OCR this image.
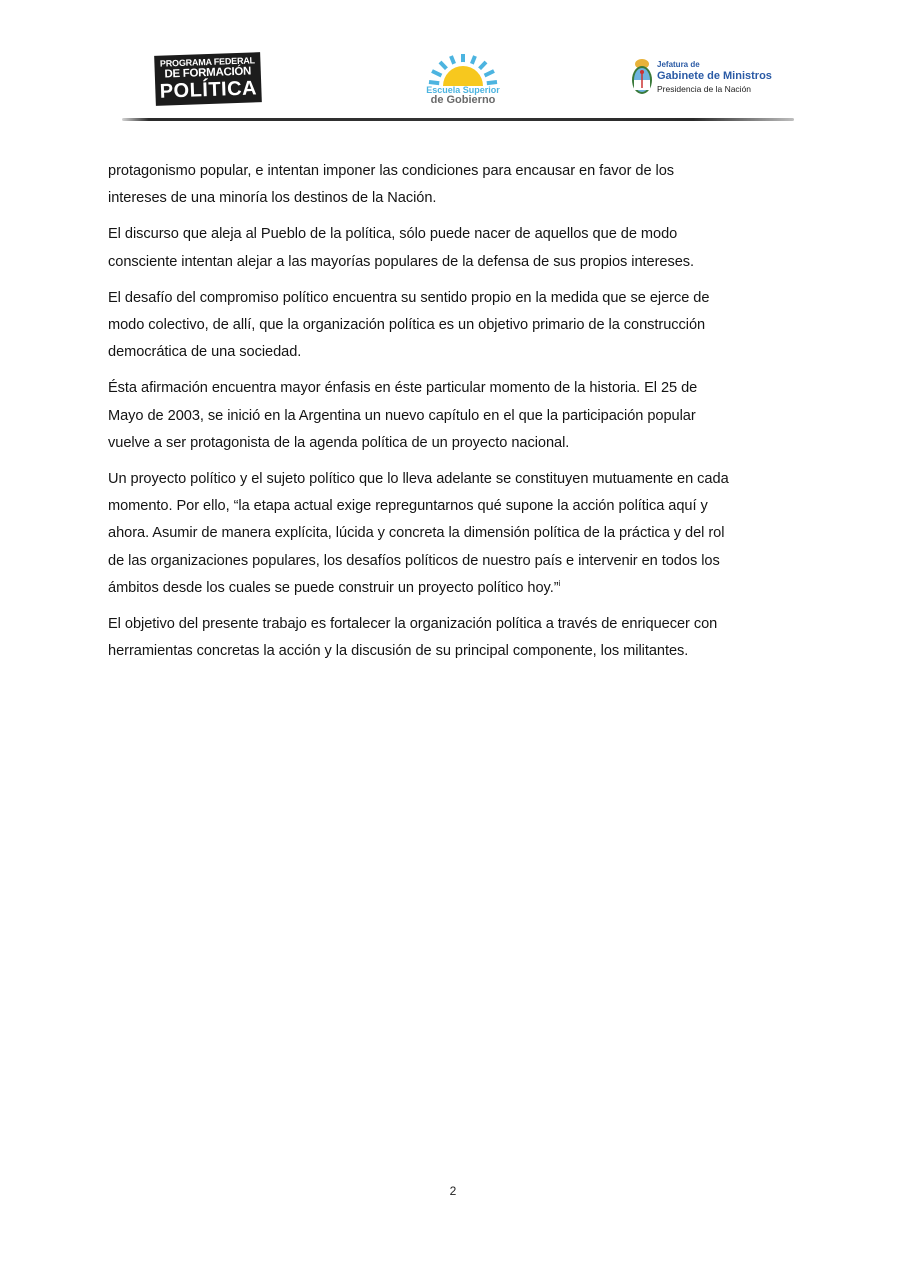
PROGRAMA FEDERAL
DE FORMACIÓN
POLÍTICA	Escuela Superior
de Gobierno
Jefatura de
Gabinete de Ministros
Presidencia de la Nación

protagonismo popular, e intentan imponer las condiciones para encausar en favor de los
intereses de una minoría los destinos de la Nación.

El discurso que aleja al Pueblo de la política, sólo puede nacer de aquellos que de modo
consciente intentan alejar a las mayorías populares de la defensa de sus propios intereses.

El desafío del compromiso político encuentra su sentido propio en la medida que se ejerce de
modo colectivo, de allí, que la organización política es un objetivo primario de la construcción
democrática de una sociedad.

Ésta afirmación encuentra mayor énfasis en éste particular momento de la historia. El 25 de
Mayo de 2003, se inició en la Argentina un nuevo capítulo en el que la participación popular
vuelve a ser protagonista de la agenda política de un proyecto nacional.

Un proyecto político y el sujeto político que lo lleva adelante se constituyen mutuamente en cada
momento. Por ello, “la etapa actual exige repreguntarnos qué supone la acción política aquí y
ahora. Asumir de manera explícita, lúcida y concreta la dimensión política de la práctica y del rol
de las organizaciones populares, los desafíos políticos de nuestro país e intervenir en todos los
ámbitos desde los cuales se puede construir un proyecto político hoy.”$^i$

El objetivo del presente trabajo es fortalecer la organización política a través de enriquecer con
herramientas concretas la acción y la discusión de su principal componente, los militantes.

2
